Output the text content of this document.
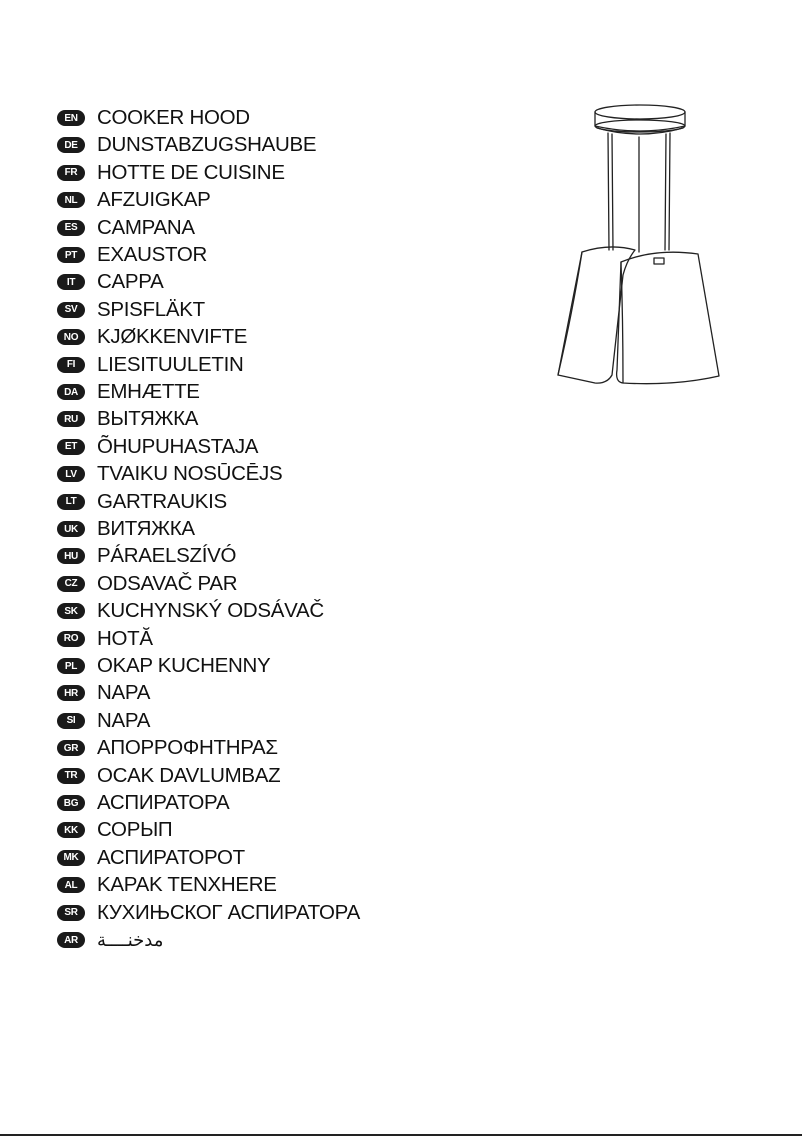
EN COOKER HOOD
DE DUNSTABZUGSHAUBE
FR HOTTE DE CUISINE
NL AFZUIGKAP
ES CAMPANA
PT EXAUSTOR
IT	CAPPA
SV SPISFLÄKT
NO KJØKKENVIFTE
FI	LIESITUULETIN
DA EMHÆTTE
RU ВЫТЯЖКА
ET ÕHUPUHASTAJA
LV TVAIKU NOSŪCĒJS
LT	GARTRAUKIS
UK ВИТЯЖКА
HU PÁRAELSZÍVÓ
CZ ODSAVAČ PAR
SK KUCHYNSKÝ ODSÁVAČ
RO HOTĂ
PL OKAP KUCHENNY
HR NAPA
SI	NAPA
GR ΑΠΟΡΡΟΦΗΤΗΡΑΣ
TR OCAK DAVLUMBAZ
BG АСПИРАТОРА
KK СОРЫП
MK АСПИРАТОРОТ
AL KAPAK TENXHERE
SR КУХИЊСКОГ АСПИРАТОРА
AR	مدخنــــة
